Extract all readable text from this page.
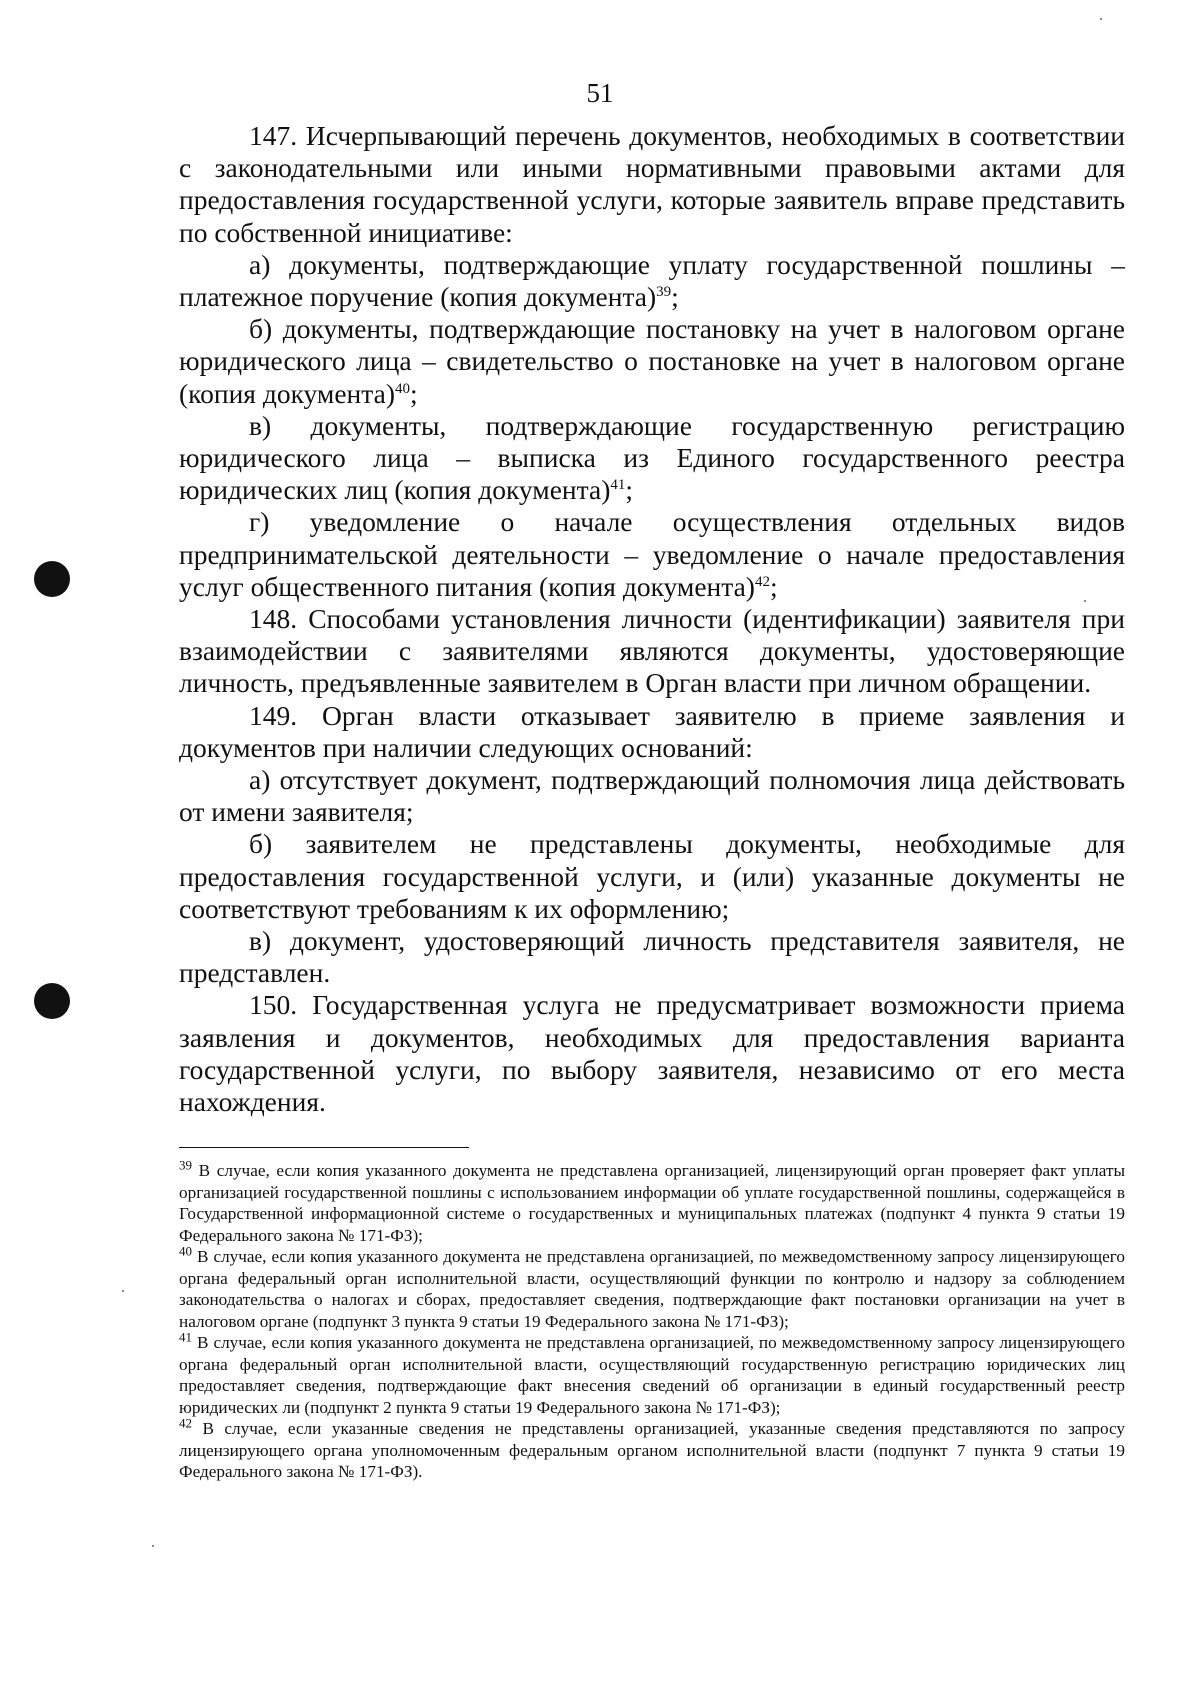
51

147. Исчерпывающий перечень документов, необходимых в соответствии с законодательными или иными нормативными правовыми актами для предоставления государственной услуги, которые заявитель вправе представить по собственной инициативе:

а) документы, подтверждающие уплату государственной пошлины – платежное поручение (копия документа)$^{39}$;

б) документы, подтверждающие постановку на учет в налоговом органе юридического лица – свидетельство о постановке на учет в налоговом органе (копия документа)$^{40}$;

в) документы, подтверждающие государственную регистрацию юридического лица – выписка из Единого государственного реестра юридических лиц (копия документа)$^{41}$;

г) уведомление о начале осуществления отдельных видов предпринимательской деятельности – уведомление о начале предоставления услуг общественного питания (копия документа)$^{42}$;

148. Способами установления личности (идентификации) заявителя при взаимодействии с заявителями являются документы, удостоверяющие личность, предъявленные заявителем в Орган власти при личном обращении.

149. Орган власти отказывает заявителю в приеме заявления и документов при наличии следующих оснований:

а) отсутствует документ, подтверждающий полномочия лица действовать от имени заявителя;

б) заявителем не представлены документы, необходимые для предоставления государственной услуги, и (или) указанные документы не соответствуют требованиям к их оформлению;

в) документ, удостоверяющий личность представителя заявителя, не представлен.

150. Государственная услуга не предусматривает возможности приема заявления и документов, необходимых для предоставления варианта государственной услуги, по выбору заявителя, независимо от его места нахождения.

$^{39}$ В случае, если копия указанного документа не представлена организацией, лицензирующий орган проверяет факт уплаты организацией государственной пошлины с использованием информации об уплате государственной пошлины, содержащейся в Государственной информационной системе о государственных и муниципальных платежах (подпункт 4 пункта 9 статьи 19 Федерального закона № 171-ФЗ);

$^{40}$ В случае, если копия указанного документа не представлена организацией, по межведомственному запросу лицензирующего органа федеральный орган исполнительной власти, осуществляющий функции по контролю и надзору за соблюдением законодательства о налогах и сборах, предоставляет сведения, подтверждающие факт постановки организации на учет в налоговом органе (подпункт 3 пункта 9 статьи 19 Федерального закона № 171-ФЗ);

$^{41}$ В случае, если копия указанного документа не представлена организацией, по межведомственному запросу лицензирующего органа федеральный орган исполнительной власти, осуществляющий государственную регистрацию юридических лиц предоставляет сведения, подтверждающие факт внесения сведений об организации в единый государственный реестр юридических ли (подпункт 2 пункта 9 статьи 19 Федерального закона № 171-ФЗ);

$^{42}$ В случае, если указанные сведения не представлены организацией, указанные сведения представляются по запросу лицензирующего органа уполномоченным федеральным органом исполнительной власти (подпункт 7 пункта 9 статьи 19 Федерального закона № 171-ФЗ).
